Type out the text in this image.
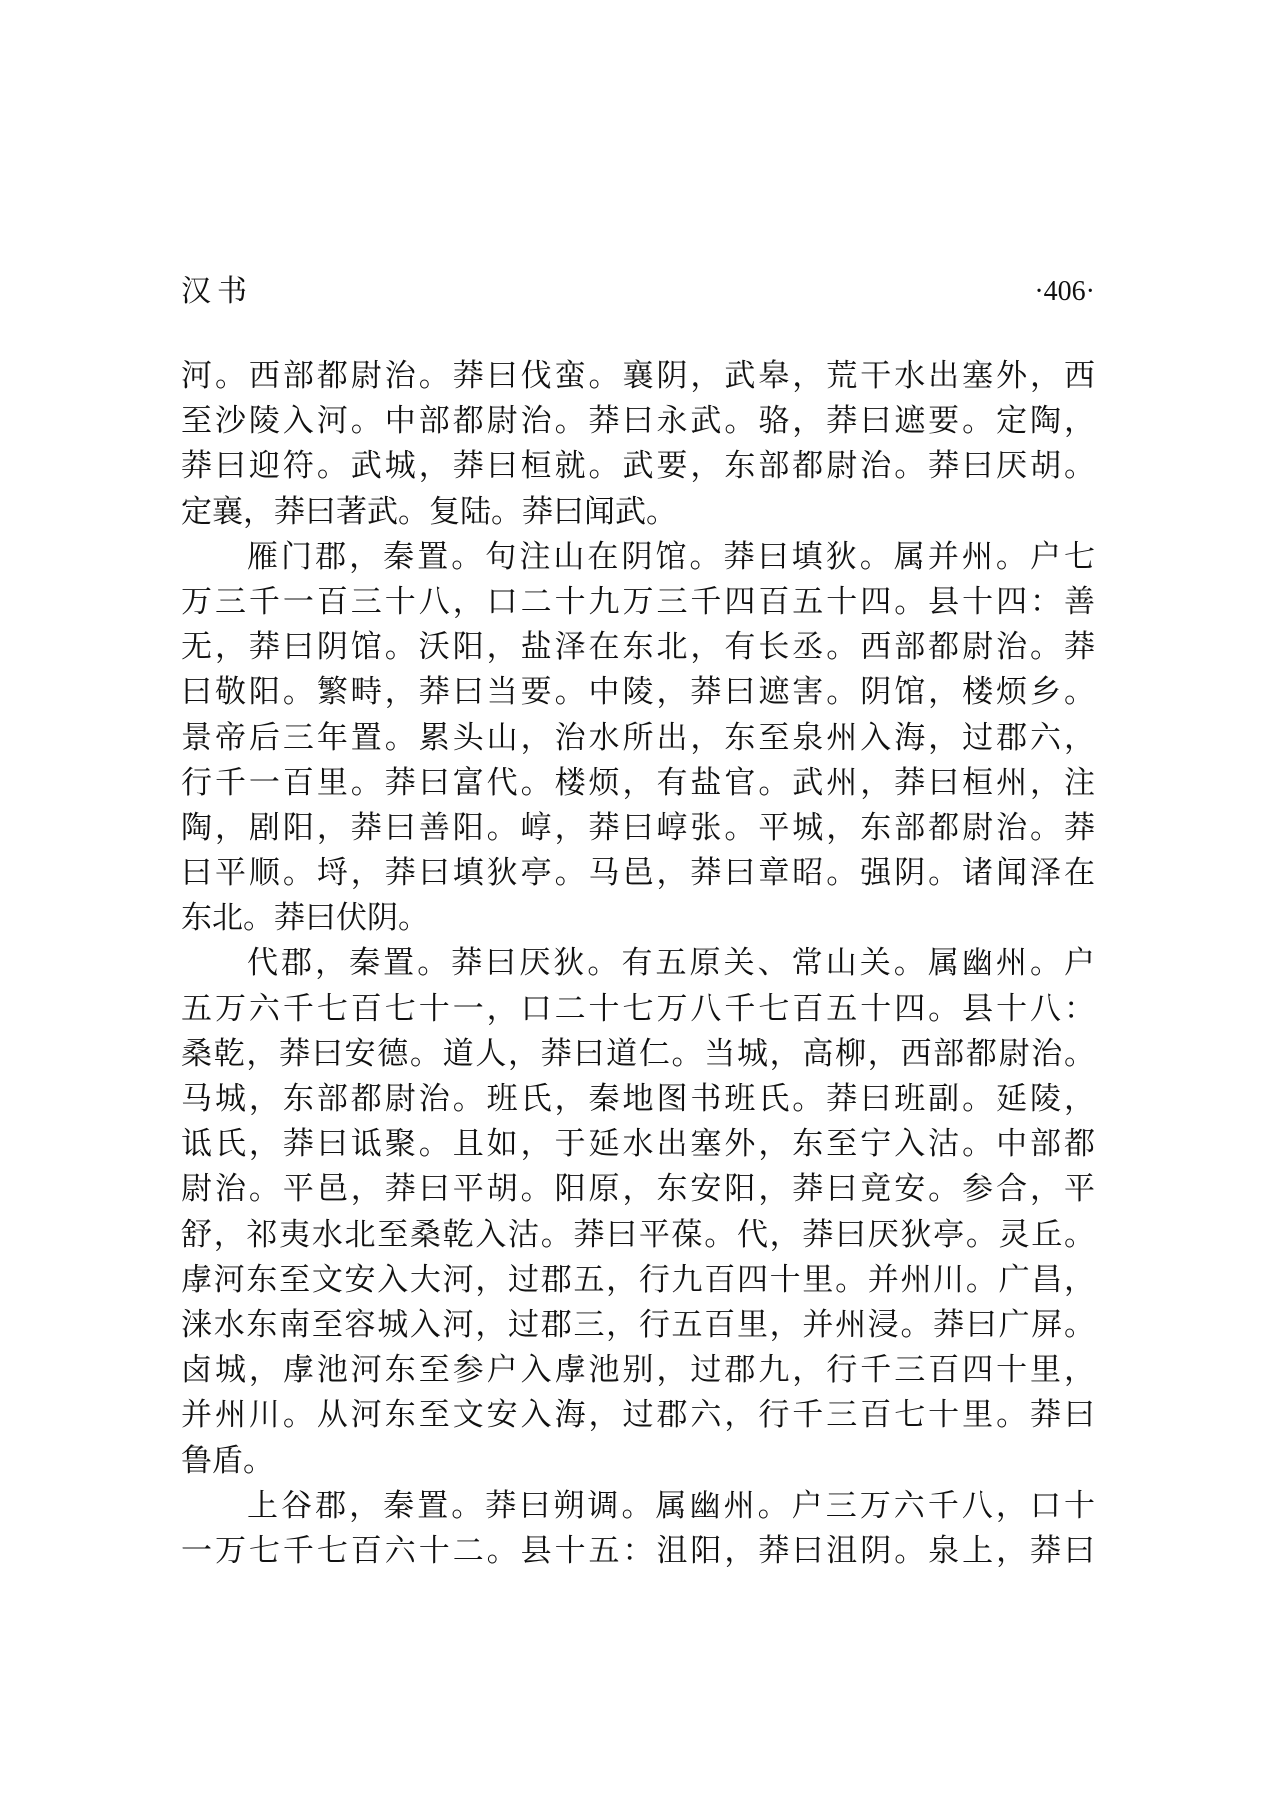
汉书	·406·
河。西部都尉治。莽曰伐蛮。襄阴，武皋，荒干水出塞外，西
至沙陵入河。中部都尉治。莽曰永武。骆，莽曰遮要。定陶，
莽曰迎符。武城，莽曰桓就。武要，东部都尉治。莽曰厌胡。
定襄，莽曰著武。复陆。莽曰闻武。
雁门郡，秦置。句注山在阴馆。莽曰填狄。属并州。户七
万三千一百三十八，口二十九万三千四百五十四。县十四：善
无，莽曰阴馆。沃阳，盐泽在东北，有长丞。西部都尉治。莽
曰敬阳。繁畤，莽曰当要。中陵，莽曰遮害。阴馆，楼烦乡。
景帝后三年置。累头山，治水所出，东至泉州入海，过郡六，
行千一百里。莽曰富代。楼烦，有盐官。武州，莽曰桓州，注
陶，剧阳，莽曰善阳。崞，莽曰崞张。平城，东部都尉治。莽
曰平顺。埒，莽曰填狄亭。马邑，莽曰章昭。强阴。诸闻泽在
东北。莽曰伏阴。
代郡，秦置。莽曰厌狄。有五原关、常山关。属幽州。户
五万六千七百七十一，口二十七万八千七百五十四。县十八：
桑乾，莽曰安德。道人，莽曰道仁。当城，高柳，西部都尉治。
马城，东部都尉治。班氏，秦地图书班氏。莽曰班副。延陵，
诋氏，莽曰诋聚。且如，于延水出塞外，东至宁入沽。中部都
尉治。平邑，莽曰平胡。阳原，东安阳，莽曰竟安。参合，平
舒，祁夷水北至桑乾入沽。莽曰平葆。代，莽曰厌狄亭。灵丘。
虖河东至文安入大河，过郡五，行九百四十里。并州川。广昌，
涞水东南至容城入河，过郡三，行五百里，并州浸。莽曰广屏。
卤城，虖池河东至参户入虖池别，过郡九，行千三百四十里，
并州川。从河东至文安入海，过郡六，行千三百七十里。莽曰
鲁盾。
上谷郡，秦置。莽曰朔调。属幽州。户三万六千八，口十
一万七千七百六十二。县十五：沮阳，莽曰沮阴。泉上，莽曰
